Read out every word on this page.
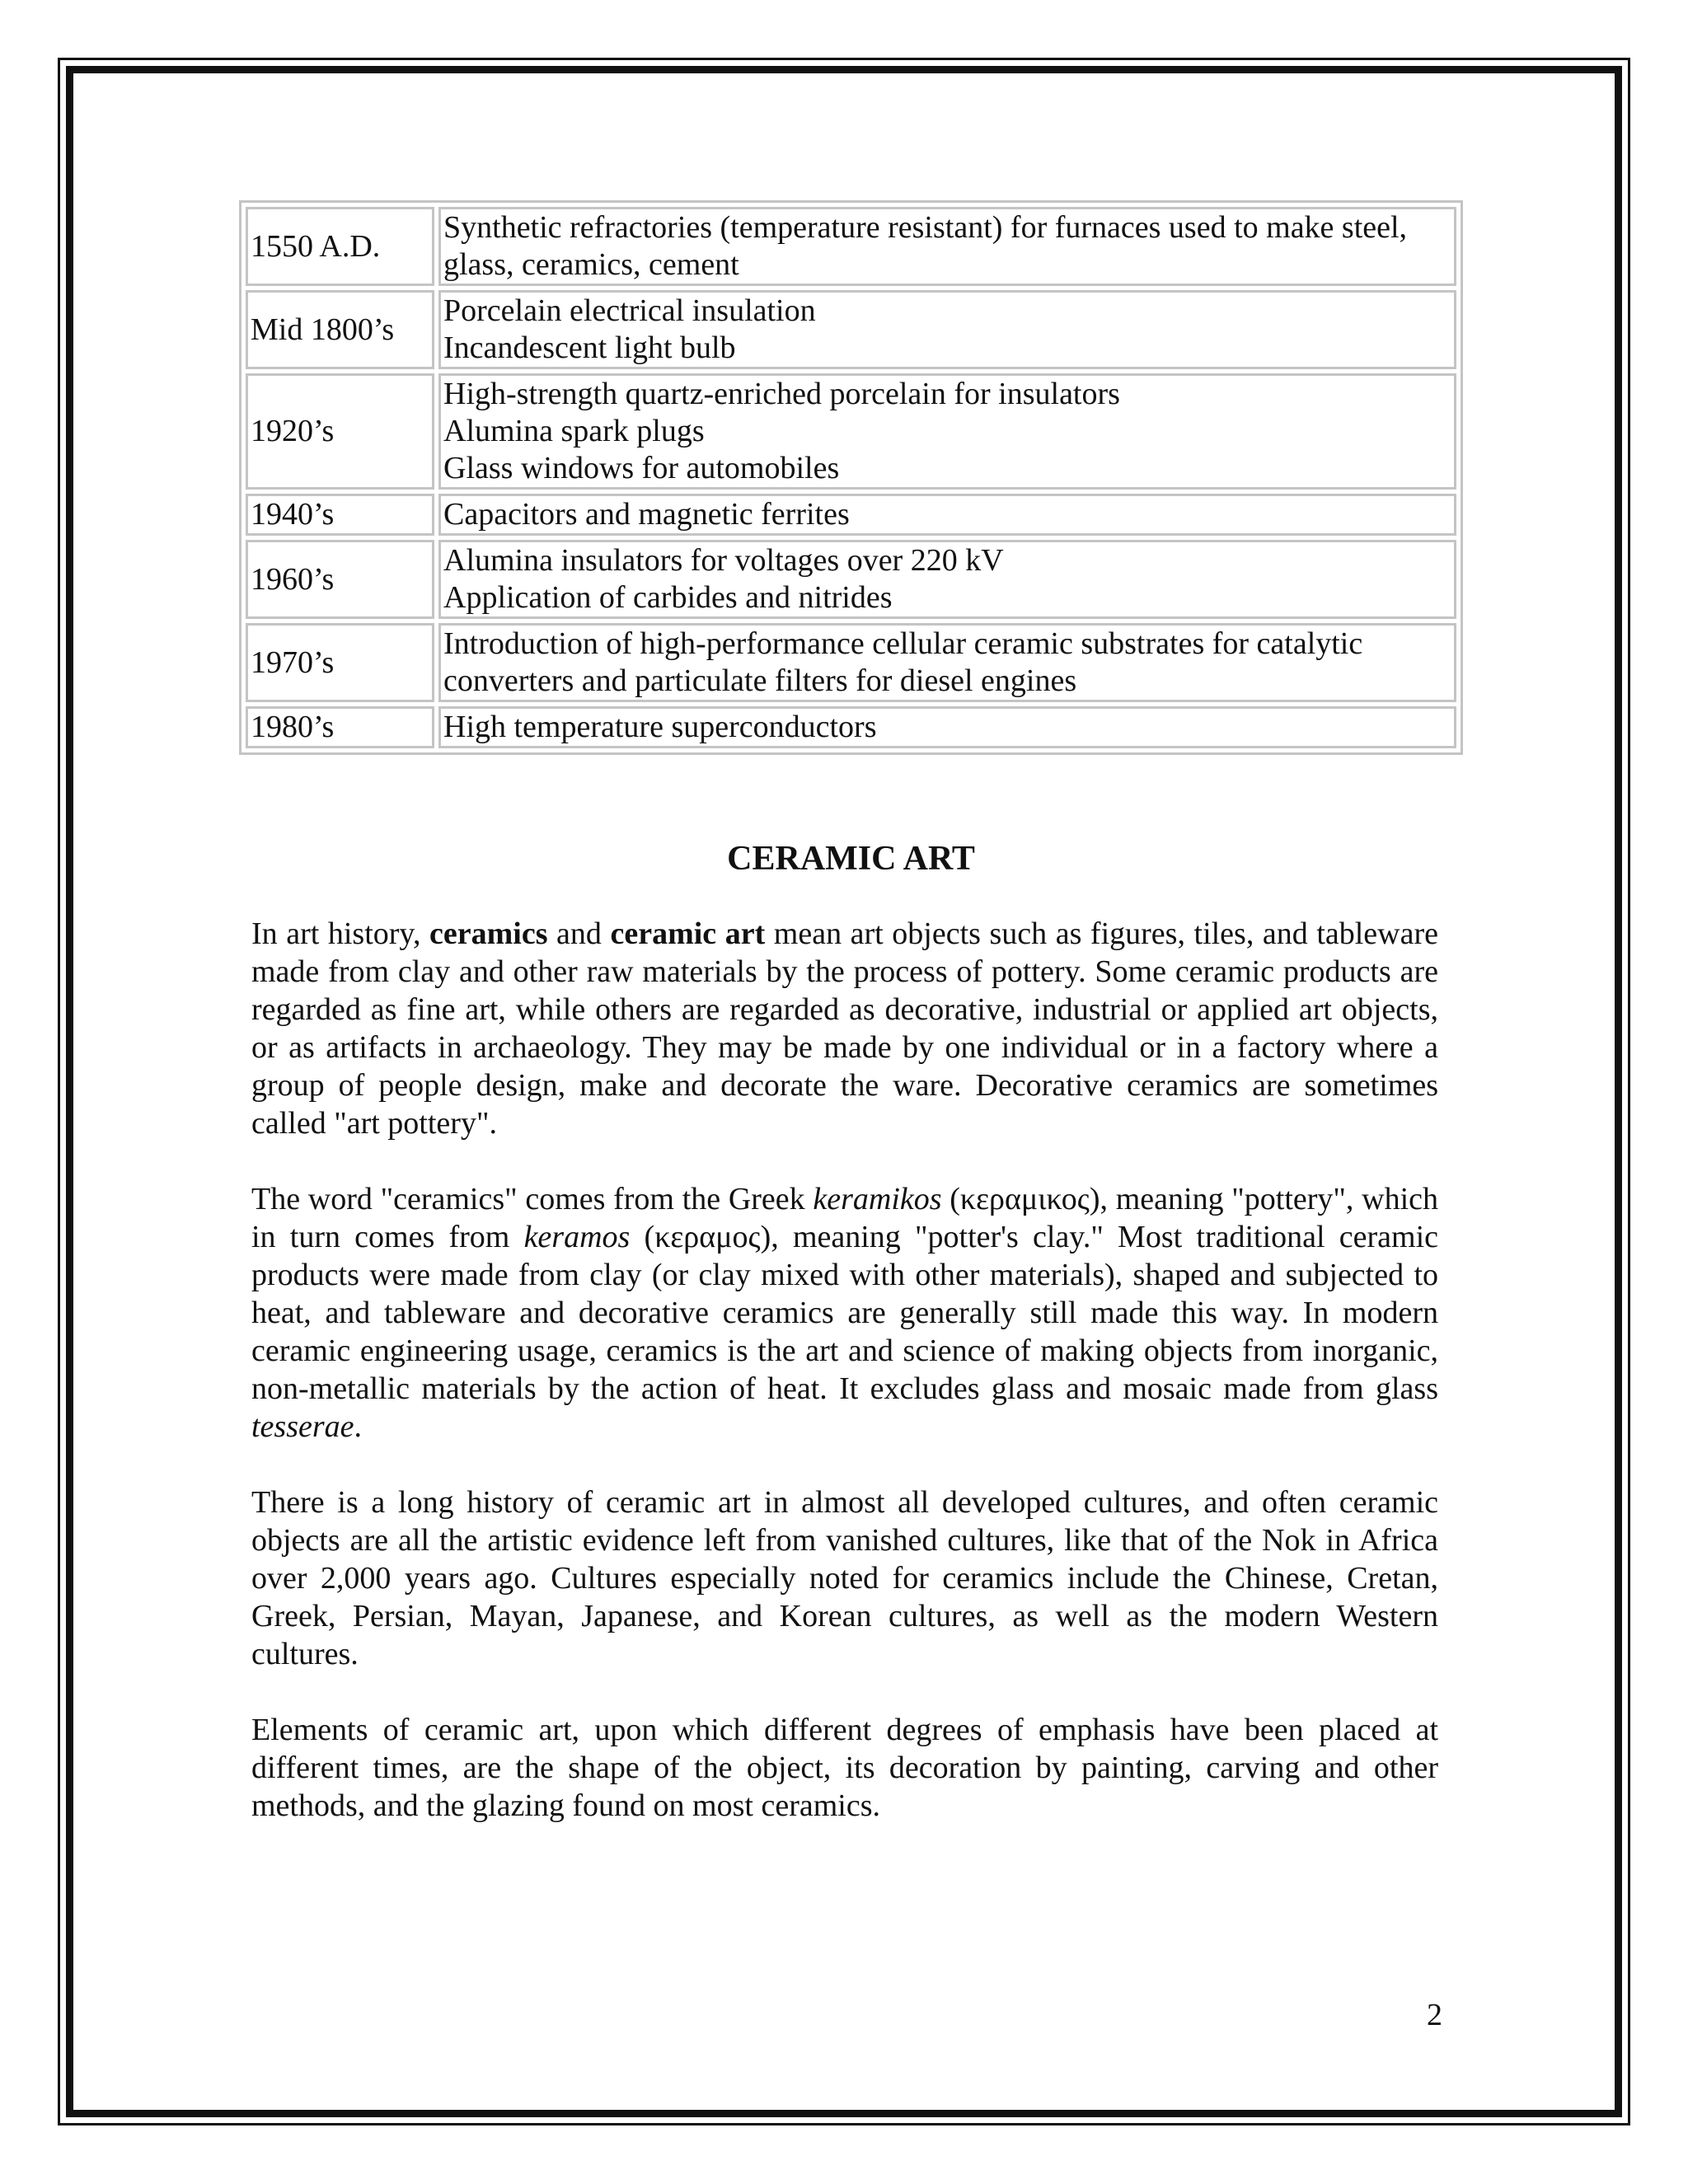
1550 A.D.	Synthetic refractories (temperature resistant) for furnaces used to make steel, glass, ceramics, cement

Mid 1800’s	Porcelain electrical insulation
Incandescent light bulb

1920’s	High-strength quartz-enriched porcelain for insulators
Alumina spark plugs
Glass windows for automobiles

1940’s	Capacitors and magnetic ferrites

1960’s	Alumina insulators for voltages over 220 kV
Application of carbides and nitrides

1970’s	Introduction of high-performance cellular ceramic substrates for catalytic converters and particulate filters for diesel engines

1980’s	High temperature superconductors
CERAMIC ART

In art history, ceramics and ceramic art mean art objects such as figures, tiles, and tableware made from clay and other raw materials by the process of pottery. Some ceramic products are regarded as fine art, while others are regarded as decorative, industrial or applied art objects, or as artifacts in archaeology. They may be made by one individual or in a factory where a group of people design, make and decorate the ware. Decorative ceramics are sometimes called "art pottery".

The word "ceramics" comes from the Greek keramikos (κεραμικος), meaning "pottery", which in turn comes from keramos (κεραμος), meaning "potter's clay." Most traditional ceramic products were made from clay (or clay mixed with other materials), shaped and subjected to heat, and tableware and decorative ceramics are generally still made this way. In modern ceramic engineering usage, ceramics is the art and science of making objects from inorganic, non-metallic materials by the action of heat. It excludes glass and mosaic made from glass tesserae.

There is a long history of ceramic art in almost all developed cultures, and often ceramic objects are all the artistic evidence left from vanished cultures, like that of the Nok in Africa over 2,000 years ago. Cultures especially noted for ceramics include the Chinese, Cretan, Greek, Persian, Mayan, Japanese, and Korean cultures, as well as the modern Western cultures.

Elements of ceramic art, upon which different degrees of emphasis have been placed at different times, are the shape of the object, its decoration by painting, carving and other methods, and the glazing found on most ceramics.

2
